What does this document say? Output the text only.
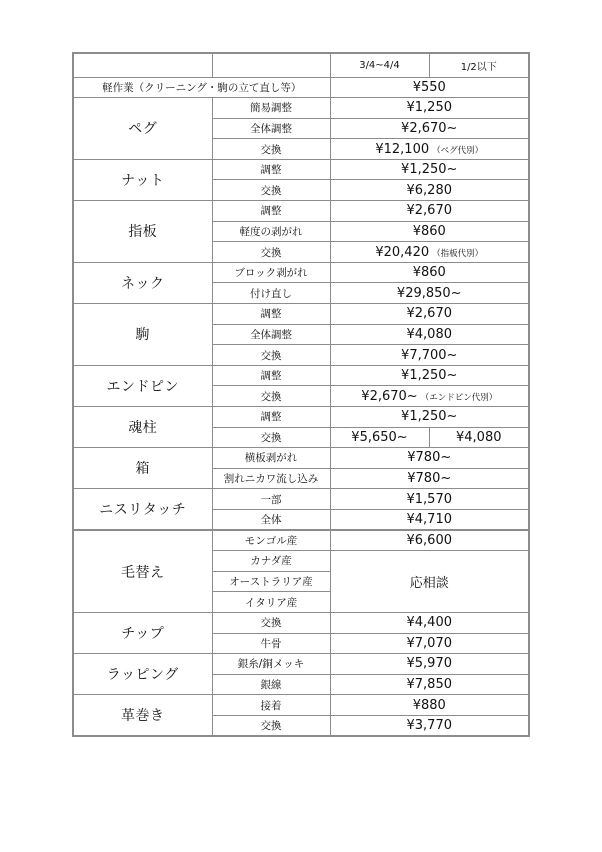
		3/4~4/4	1/2以下
軽作業（クリーニング・駒の立て直し等）		¥550	
ペグ	簡易調整	¥1,250	
	全体調整	¥2,670~	
	交換	¥12,100 （ペグ代別）	
ナット	調整	¥1,250~	
	交換	¥6,280	
指板	調整	¥2,670	
	軽度の剥がれ	¥860	
	交換	¥20,420 （指板代別）	
ネック	ブロック剥がれ	¥860	
	付け直し	¥29,850~	
駒	調整	¥2,670	
	全体調整	¥4,080	
	交換	¥7,700~	
エンドピン	調整	¥1,250~	
	交換	¥2,670~ （エンドピン代別）	
魂柱	調整	¥1,250~	
	交換	¥5,650~	¥4,080
箱	横板剥がれ	¥780~	
	割れニカワ流し込み	¥780~	
ニスリタッチ	一部	¥1,570	
	全体	¥4,710	
毛替え	モンゴル産	¥6,600	
	カナダ産	応相談	
	オーストラリア産		
	イタリア産		
チップ	交換	¥4,400	
	牛骨	¥7,070	
ラッピング	銀糸/銅メッキ	¥5,970	
	銀線	¥7,850	
革巻き	接着	¥880	
	交換	¥3,770	
